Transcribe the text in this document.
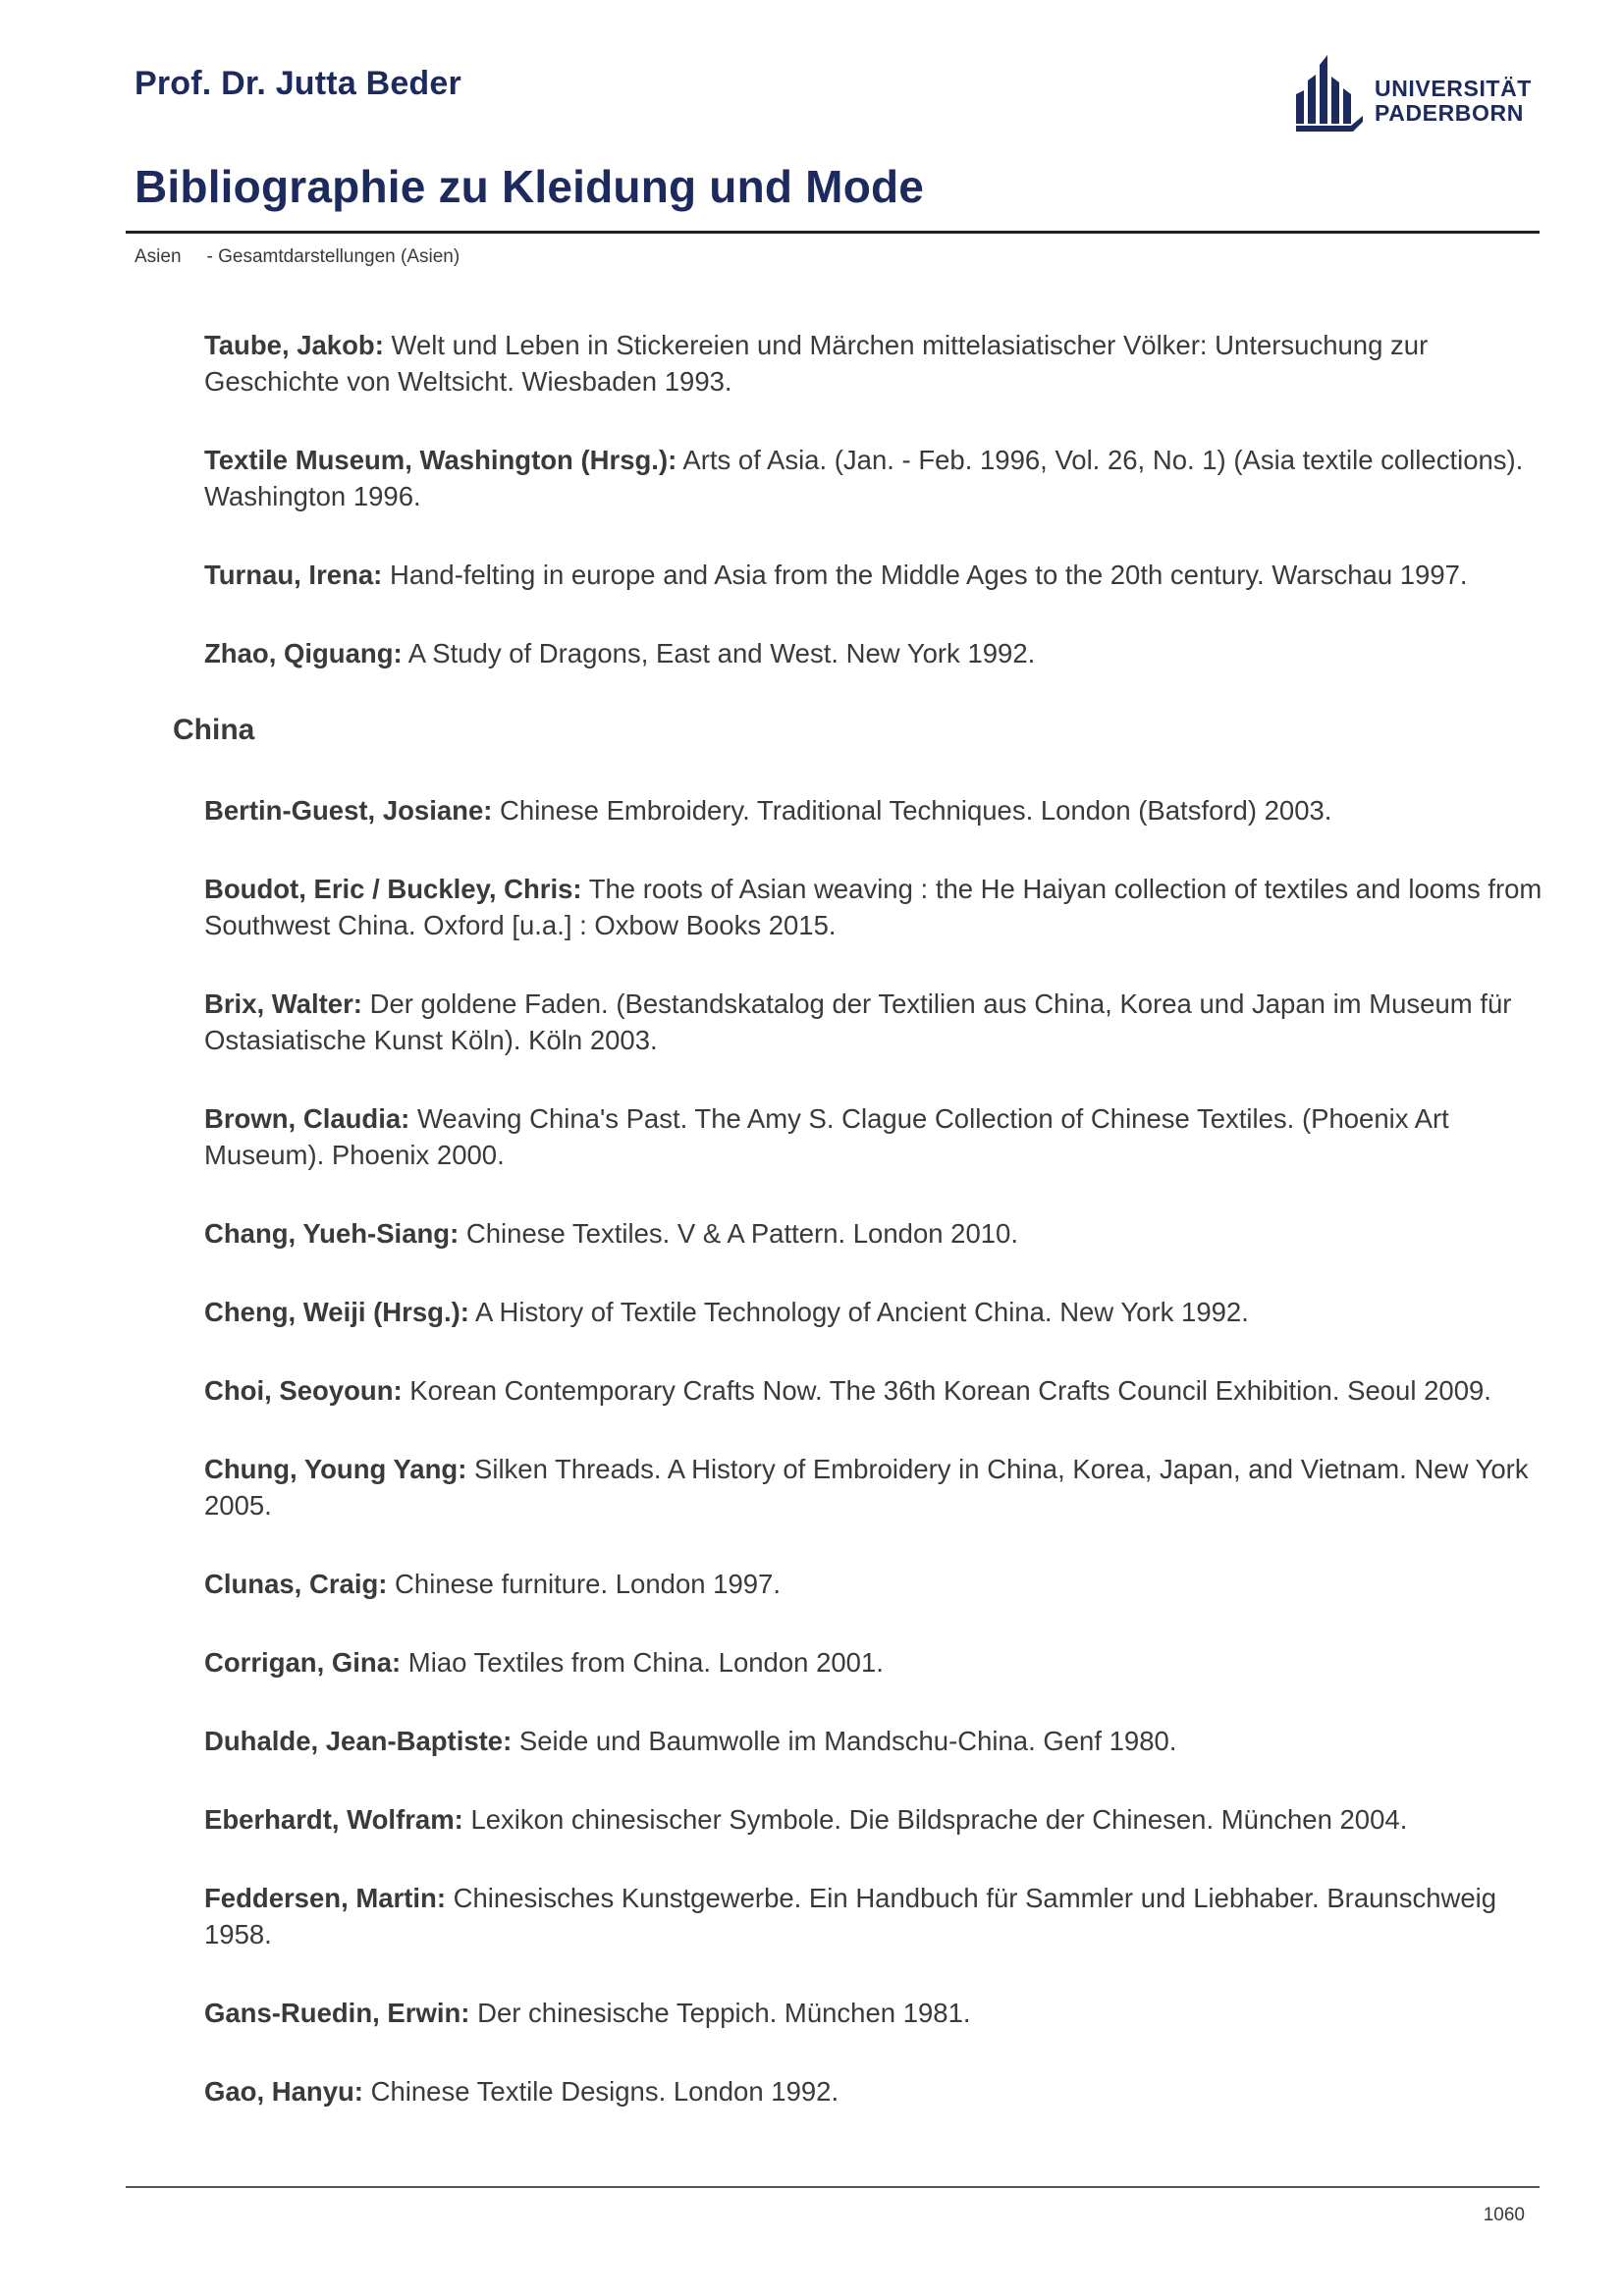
Prof. Dr. Jutta Beder	UNIVERSITÄT
PADERBORN
Bibliographie zu Kleidung und Mode
Asien - Gesamtdarstellungen (Asien)
Taube, Jakob: Welt und Leben in Stickereien und Märchen mittelasiatischer Völker: Untersuchung zur Geschichte von Weltsicht. Wiesbaden 1993.
Textile Museum, Washington (Hrsg.): Arts of Asia. (Jan. - Feb. 1996, Vol. 26, No. 1) (Asia textile collections). Washington 1996.
Turnau, Irena: Hand-felting in europe and Asia from the Middle Ages to the 20th century. Warschau 1997.
Zhao, Qiguang: A Study of Dragons, East and West. New York 1992.
China
Bertin-Guest, Josiane: Chinese Embroidery. Traditional Techniques. London (Batsford) 2003.
Boudot, Eric / Buckley, Chris: The roots of Asian weaving : the He Haiyan collection of textiles and looms from Southwest China. Oxford [u.a.] : Oxbow Books 2015.
Brix, Walter: Der goldene Faden. (Bestandskatalog der Textilien aus China, Korea und Japan im Museum für Ostasiatische Kunst Köln). Köln 2003.
Brown, Claudia: Weaving China's Past. The Amy S. Clague Collection of Chinese Textiles. (Phoenix Art Museum). Phoenix 2000.
Chang, Yueh-Siang: Chinese Textiles. V & A Pattern. London 2010.
Cheng, Weiji (Hrsg.): A History of Textile Technology of Ancient China. New York 1992.
Choi, Seoyoun: Korean Contemporary Crafts Now. The 36th Korean Crafts Council Exhibition. Seoul 2009.
Chung, Young Yang: Silken Threads. A History of Embroidery in China, Korea, Japan, and Vietnam. New York 2005.
Clunas, Craig: Chinese furniture. London 1997.
Corrigan, Gina: Miao Textiles from China. London 2001.
Duhalde, Jean-Baptiste: Seide und Baumwolle im Mandschu-China. Genf 1980.
Eberhardt, Wolfram: Lexikon chinesischer Symbole. Die Bildsprache der Chinesen. München 2004.
Feddersen, Martin: Chinesisches Kunstgewerbe. Ein Handbuch für Sammler und Liebhaber. Braunschweig 1958.
Gans-Ruedin, Erwin: Der chinesische Teppich. München 1981.
Gao, Hanyu: Chinese Textile Designs. London 1992.
1060
